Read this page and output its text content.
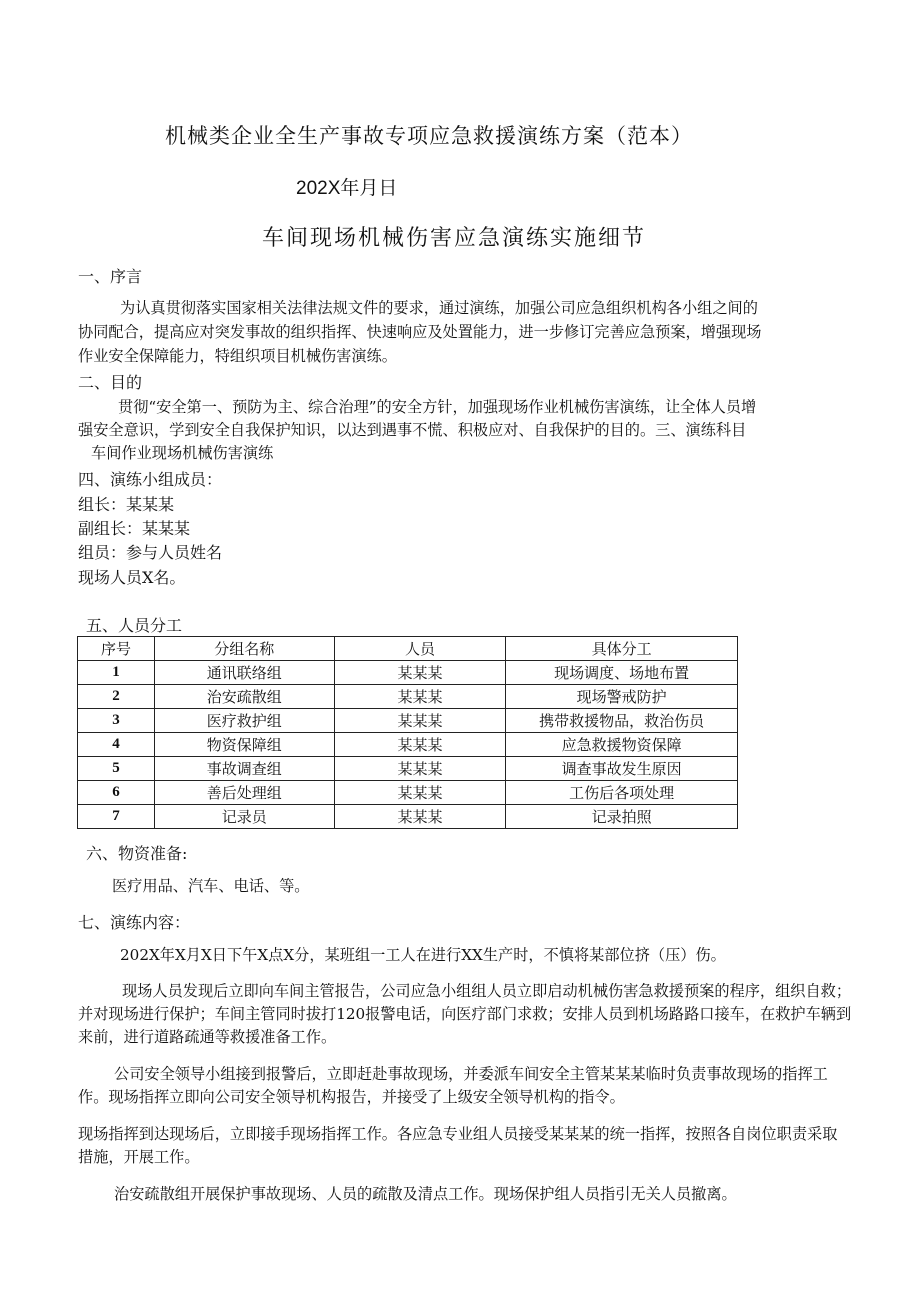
机械类企业全生产事故专项应急救援演练方案（范本）
202X年月日
车间现场机械伤害应急演练实施细节
一、序言
为认真贯彻落实国家相关法律法规文件的要求，通过演练，加强公司应急组织机构各小组之间的
协同配合，提高应对突发事故的组织指挥、快速响应及处置能力，进一步修订完善应急预案，增强现场
作业安全保障能力，特组织项目机械伤害演练。
二、目的
贯彻“安全第一、预防为主、综合治理”的安全方针，加强现场作业机械伤害演练，让全体人员增
强安全意识，学到安全自我保护知识，以达到遇事不慌、积极应对、自我保护的目的。三、演练科目
车间作业现场机械伤害演练
四、演练小组成员：
组长：某某某
副组长：某某某
组员：参与人员姓名
现场人员X名。
五、人员分工
序号	分组名称	人员	具体分工
1	通讯联络组	某某某	现场调度、场地布置
2	治安疏散组	某某某	现场警戒防护
3	医疗救护组	某某某	携带救援物品，救治伤员
4	物资保障组	某某某	应急救援物资保障
5	事故调查组	某某某	调查事故发生原因
6	善后处理组	某某某	工伤后各项处理
7	记录员	某某某	记录拍照
六、物资准备:
医疗用品、汽车、电话、等。
七、演练内容：
202X年X月X日下午X点X分，某班组一工人在进行XX生产时，不慎将某部位挤（压）伤。
现场人员发现后立即向车间主管报告，公司应急小组组人员立即启动机械伤害急救援预案的程序，组织自救；并对现场进行保护；车间主管同时拔打120报警电话，向医疗部门求救；安排人员到机场路路口接车，在救护车辆到来前，进行道路疏通等救援准备工作。
公司安全领导小组接到报警后，立即赶赴事故现场，并委派车间安全主管某某某临时负责事故现场的指挥工作。现场指挥立即向公司安全领导机构报告，并接受了上级安全领导机构的指令。
现场指挥到达现场后，立即接手现场指挥工作。各应急专业组人员接受某某某的统一指挥，按照各自岗位职责采取措施，开展工作。
治安疏散组开展保护事故现场、人员的疏散及清点工作。现场保护组人员指引无关人员撤离。
